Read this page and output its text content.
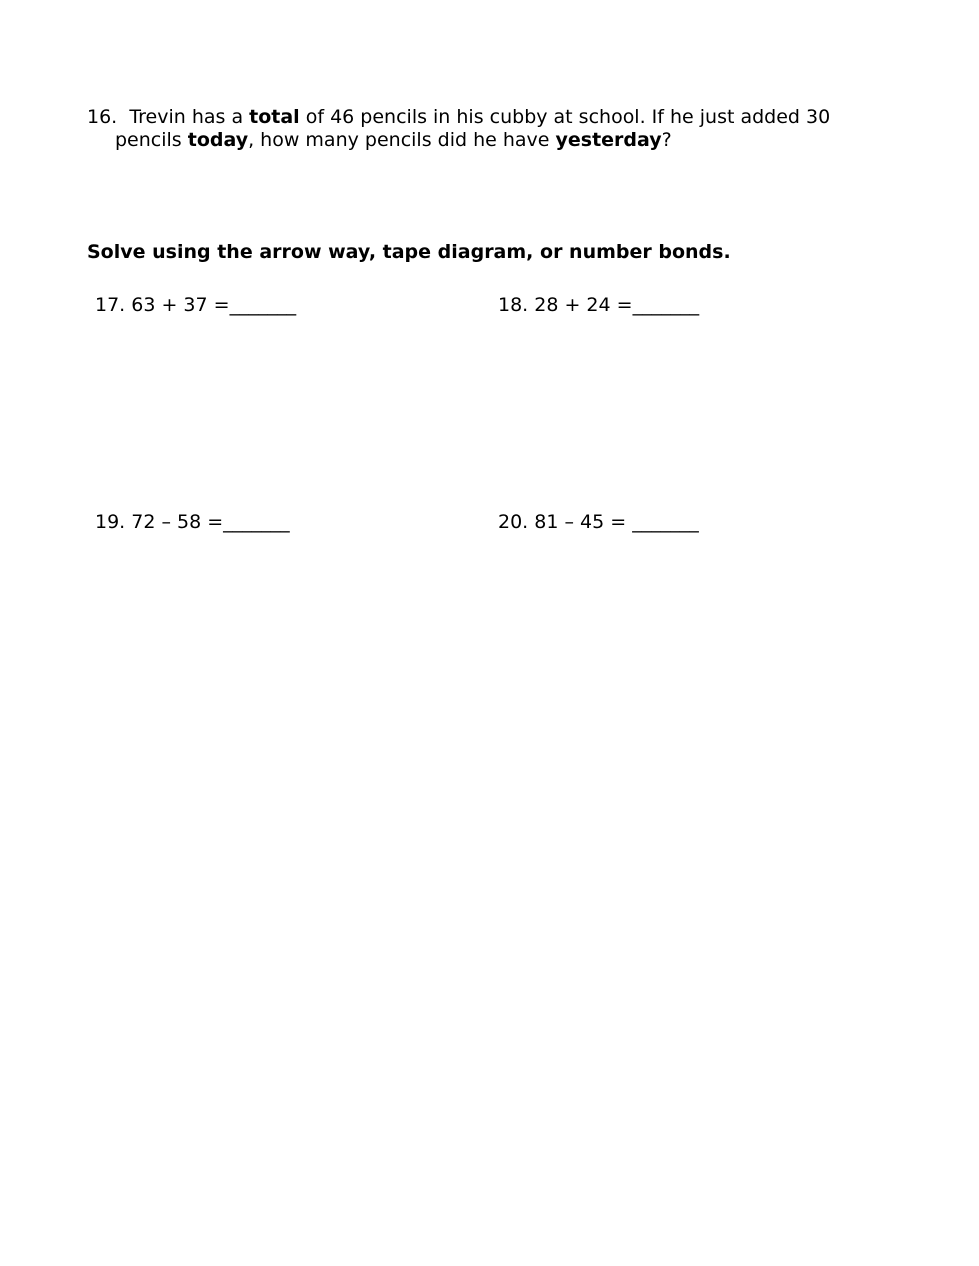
16. Trevin has a total of 46 pencils in his cubby at school. If he just added 30
pencils today, how many pencils did he have yesterday?
Solve using the arrow way, tape diagram, or number bonds.
17. 63 + 37 =_______	18. 28 + 24 =_______
19. 72 – 58 =_______	20. 81 – 45 = _______
